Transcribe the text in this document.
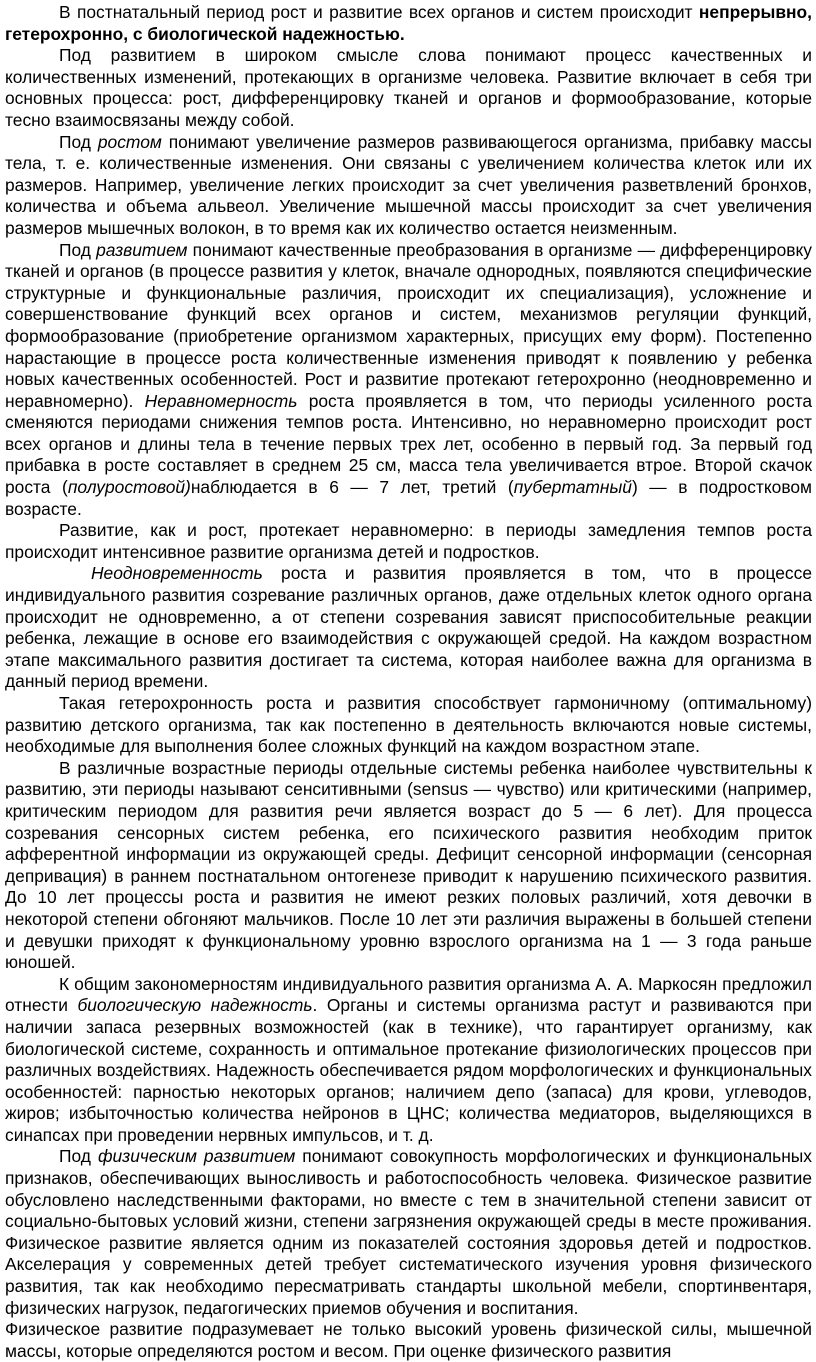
В постнатальный период рост и развитие всех органов и систем происходит непрерывно, гетерохронно, с биологической надежностью.

Под развитием в широком смысле слова понимают процесс качественных и количественных изменений, протекающих в организме человека. Развитие включает в себя три основных процесса: рост, дифференцировку тканей и органов и формообразование, которые тесно взаимосвязаны между собой.

Под ростом понимают увеличение размеров развивающегося организма, прибавку массы тела, т. е. количественные изменения. Они связаны с увеличением количества клеток или их размеров. Например, увеличение легких происходит за счет увеличения разветвлений бронхов, количества и объема альвеол. Увеличение мышечной массы происходит за счет увеличения размеров мышечных волокон, в то время как их количество остается неизменным.

Под развитием понимают качественные преобразования в организме — дифференцировку тканей и органов (в процессе развития у клеток, вначале однородных, появляются специфические структурные и функциональные различия, происходит их специализация), усложнение и совершенствование функций всех органов и систем, механизмов регуляции функций, формообразование (приобретение организмом характерных, присущих ему форм). Постепенно нарастающие в процессе роста количественные изменения приводят к появлению у ребенка новых качественных особенностей. Рост и развитие протекают гетерохронно (неодновременно и неравномерно). Неравномерность роста проявляется в том, что периоды усиленного роста сменяются периодами снижения темпов роста. Интенсивно, но неравномерно происходит рост всех органов и длины тела в течение первых трех лет, особенно в первый год. За первый год прибавка в росте составляет в среднем 25 см, масса тела увеличивается втрое. Второй скачок роста (полуростовой)наблюдается в 6 — 7 лет, третий (пубертатный) — в подростковом возрасте.

Развитие, как и рост, протекает неравномерно: в периоды замедления темпов роста происходит интенсивное развитие организма детей и подростков.

Неодновременность роста и развития проявляется в том, что в процессе индивидуального развития созревание различных органов, даже отдельных клеток одного органа происходит не одновременно, а от степени созревания зависят приспособительные реакции ребенка, лежащие в основе его взаимодействия с окружающей средой. На каждом возрастном этапе максимального развития достигает та система, которая наиболее важна для организма в данный период времени.

Такая гетерохронность роста и развития способствует гармоничному (оптимальному) развитию детского организма, так как постепенно в деятельность включаются новые системы, необходимые для выполнения более сложных функций на каждом возрастном этапе.

В различные возрастные периоды отдельные системы ребенка наиболее чувствительны к развитию, эти периоды называют сенситивными (sensus — чувство) или критическими (например, критическим периодом для развития речи является возраст до 5 — 6 лет). Для процесса созревания сенсорных систем ребенка, его психического развития необходим приток афферентной информации из окружающей среды. Дефицит сенсорной информации (сенсорная депривация) в раннем постнатальном онтогенезе приводит к нарушению психического развития. До 10 лет процессы роста и развития не имеют резких половых различий, хотя девочки в некоторой степени обгоняют мальчиков. После 10 лет эти различия выражены в большей степени и девушки приходят к функциональному уровню взрослого организма на 1 — 3 года раньше юношей.

К общим закономерностям индивидуального развития организма А. А. Маркосян предложил отнести биологическую надежность. Органы и системы организма растут и развиваются при наличии запаса резервных возможностей (как в технике), что гарантирует организму, как биологической системе, сохранность и оптимальное протекание физиологических процессов при различных воздействиях. Надежность обеспечивается рядом морфологических и функциональных особенностей: парностью некоторых органов; наличием депо (запаса) для крови, углеводов, жиров; избыточностью количества нейронов в ЦНС; количества медиаторов, выделяющихся в синапсах при проведении нервных импульсов, и т. д.

Под физическим развитием понимают совокупность морфологических и функциональных признаков, обеспечивающих выносливость и работоспособность человека. Физическое развитие обусловлено наследственными факторами, но вместе с тем в значительной степени зависит от социально-бытовых условий жизни, степени загрязнения окружающей среды в месте проживания. Физическое развитие является одним из показателей состояния здоровья детей и подростков. Акселерация у современных детей требует систематического изучения уровня физического развития, так как необходимо пересматривать стандарты школьной мебели, спортинвентаря, физических нагрузок, педагогических приемов обучения и воспитания.

Физическое развитие подразумевает не только высокий уровень физической силы, мышечной массы, которые определяются ростом и весом. При оценке физического развития
